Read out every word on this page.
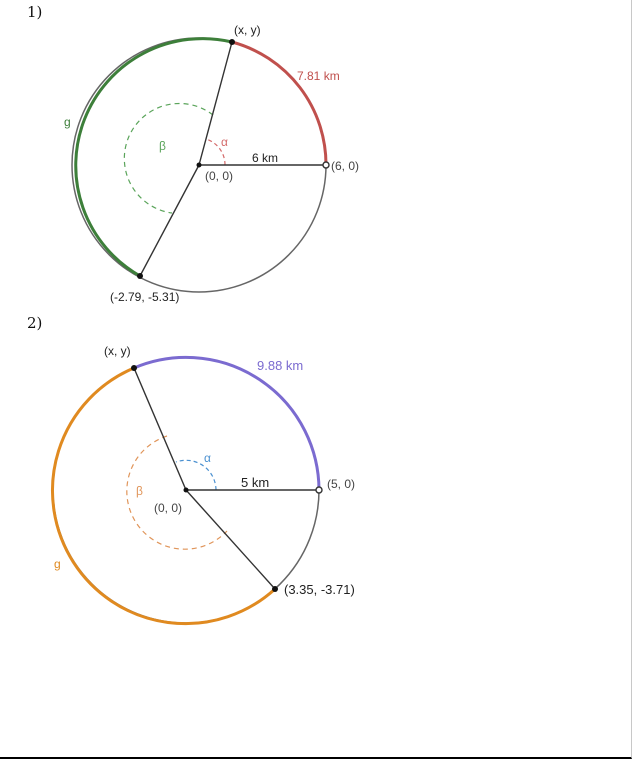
1)
2)
(x, y)
7.81 km
g
β	α
6 km
(0, 0)
(6, 0)
(-2.79, -5.31)
(x, y)
9.88 km
g
β
α
5 km
(0, 0)
(5, 0)
(3.35, -3.71)
